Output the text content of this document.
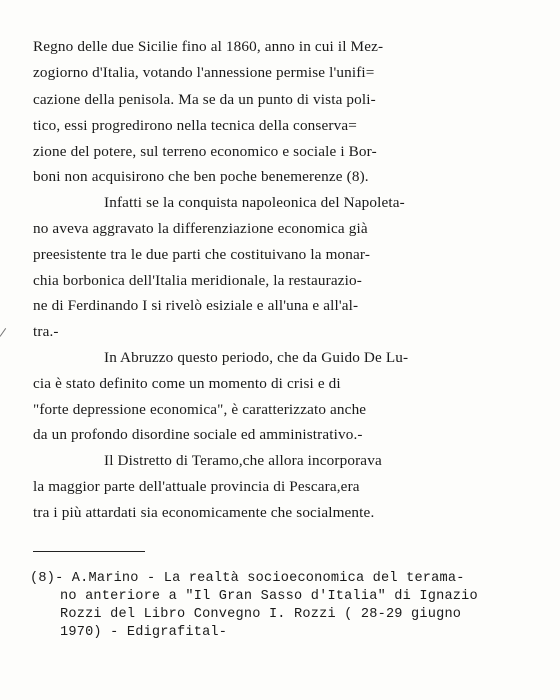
Regno delle due Sicilie fino al 1860, anno in cui il Mez-
zogiorno d'Italia, votando l'annessione permise l'unifi=
cazione della penisola. Ma se da un punto di vista poli-
tico, essi progredirono nella tecnica della conserva=
zione del potere, sul terreno economico e sociale i Bor-
boni non acquisirono che ben poche benemerenze (8).
Infatti se la conquista napoleonica del Napoleta-
no aveva aggravato la differenziazione economica già
preesistente tra le due parti che costituivano la monar-
chia borbonica dell'Italia meridionale, la restaurazio-
ne di Ferdinando I si rivelò esiziale e all'una e all'al-
tra.-
In Abruzzo questo periodo, che da Guido De Lu-
cia è stato definito come un momento di crisi e di
"forte depressione economica", è caratterizzato anche
da un profondo disordine sociale ed amministrativo.-
Il Distretto di Teramo,che allora incorporava
la maggior parte dell'attuale provincia di Pescara,era
tra i più attardati sia economicamente che socialmente.
(8)- A.Marino - La realtà socioeconomica del terama-
no anteriore a "Il Gran Sasso d'Italia" di Ignazio
Rozzi del Libro Convegno I. Rozzi ( 28-29 giugno
1970) - Edigrafital-
